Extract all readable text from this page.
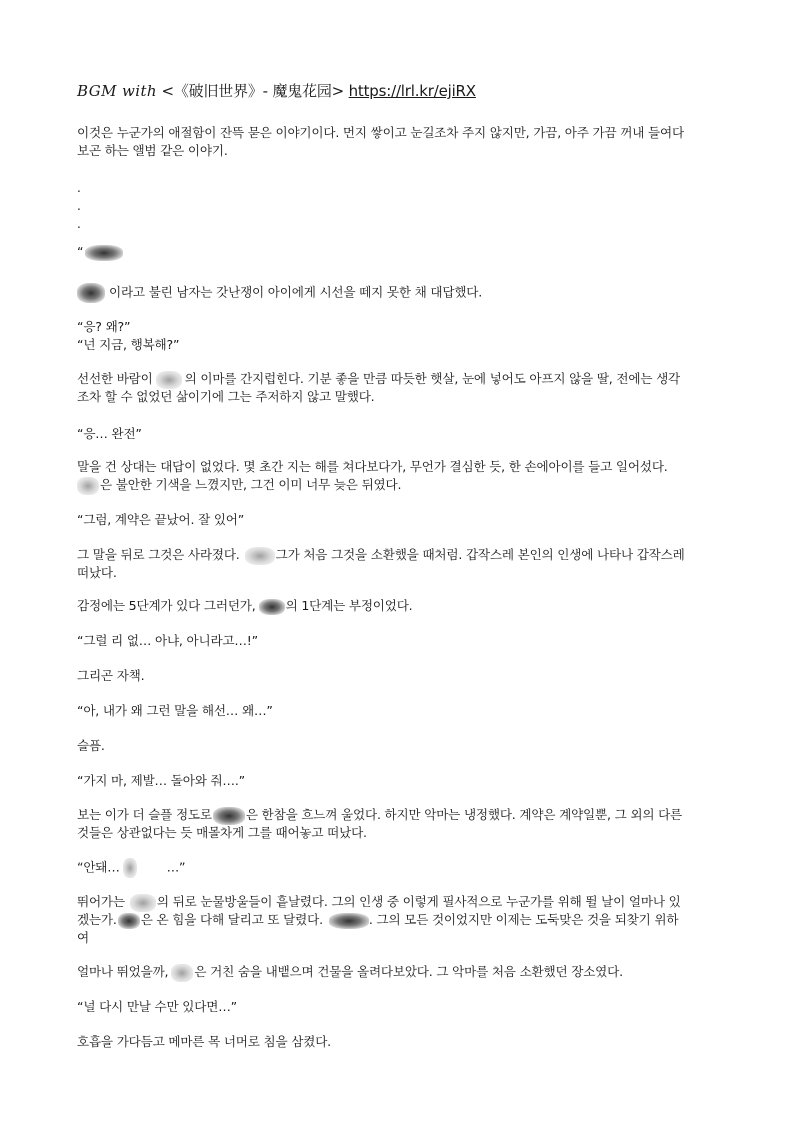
BGM with <《破旧世界》- 魔鬼花园> https://lrl.kr/ejiRX
이것은 누군가의 애절함이 잔뜩 묻은 이야기이다. 먼지 쌓이고 눈길조차 주지 않지만, 가끔, 아주 가끔 꺼내 들여다
보곤 하는 앨범 같은 이야기.
.
.
.
“
이라고 불린 남자는 갓난쟁이 아이에게 시선을 떼지 못한 채 대답했다.
“응? 왜?”
“넌 지금, 행복해?”
선선한 바람이	의 이마를 간지럽힌다. 기분 좋을 만큼 따듯한 햇살, 눈에 넣어도 아프지 않을 딸, 전에는 생각
조차 할 수 없었던 삶이기에 그는 주저하지 않고 말했다.
“응… 완전”
말을 건 상대는 대답이 없었다. 몇 초간 지는 해를 쳐다보다가, 무언가 결심한 듯, 한 손에아이를 들고 일어섰다.
은 불안한 기색을 느꼈지만, 그건 이미 너무 늦은 뒤였다.
“그럼, 계약은 끝났어. 잘 있어”
그 말을 뒤로 그것은 사라졌다.	그가 처음 그것을 소환했을 때처럼. 갑작스레 본인의 인생에 나타나 갑작스레
떠났다.
감정에는 5단계가 있다 그러던가, 의 1단계는 부정이었다.
“그럴 리 없… 아냐, 아니라고…!”
그리곤 자책.
“아, 내가 왜 그런 말을 해선… 왜…”
슬픔.
“가지 마, 제발… 돌아와 줘….”
보는 이가 더 슬플 정도로	은 한참을 흐느껴 울었다. 하지만 악마는 냉정했다. 계약은 계약일뿐, 그 외의 다른
것들은 상관없다는 듯 매몰차게 그를 때어놓고 떠났다.
“안돼…	…”
뛰어가는	의 뒤로 눈물방울들이 흩날렸다. 그의 인생 중 이렇게 필사적으로 누군가를 위해 뛸 날이 얼마나 있
겠는가. 은 온 힘을 다해 달리고 또 달렸다.	. 그의 모든 것이었지만 이제는 도둑맞은 것을 되찾기 위하
여
얼마나 뛰었을까, 은 거친 숨을 내뱉으며 건물을 올려다보았다. 그 악마를 처음 소환했던 장소였다.
“널 다시 만날 수만 있다면…”
호흡을 가다듬고 메마른 목 너머로 침을 삼켰다.
